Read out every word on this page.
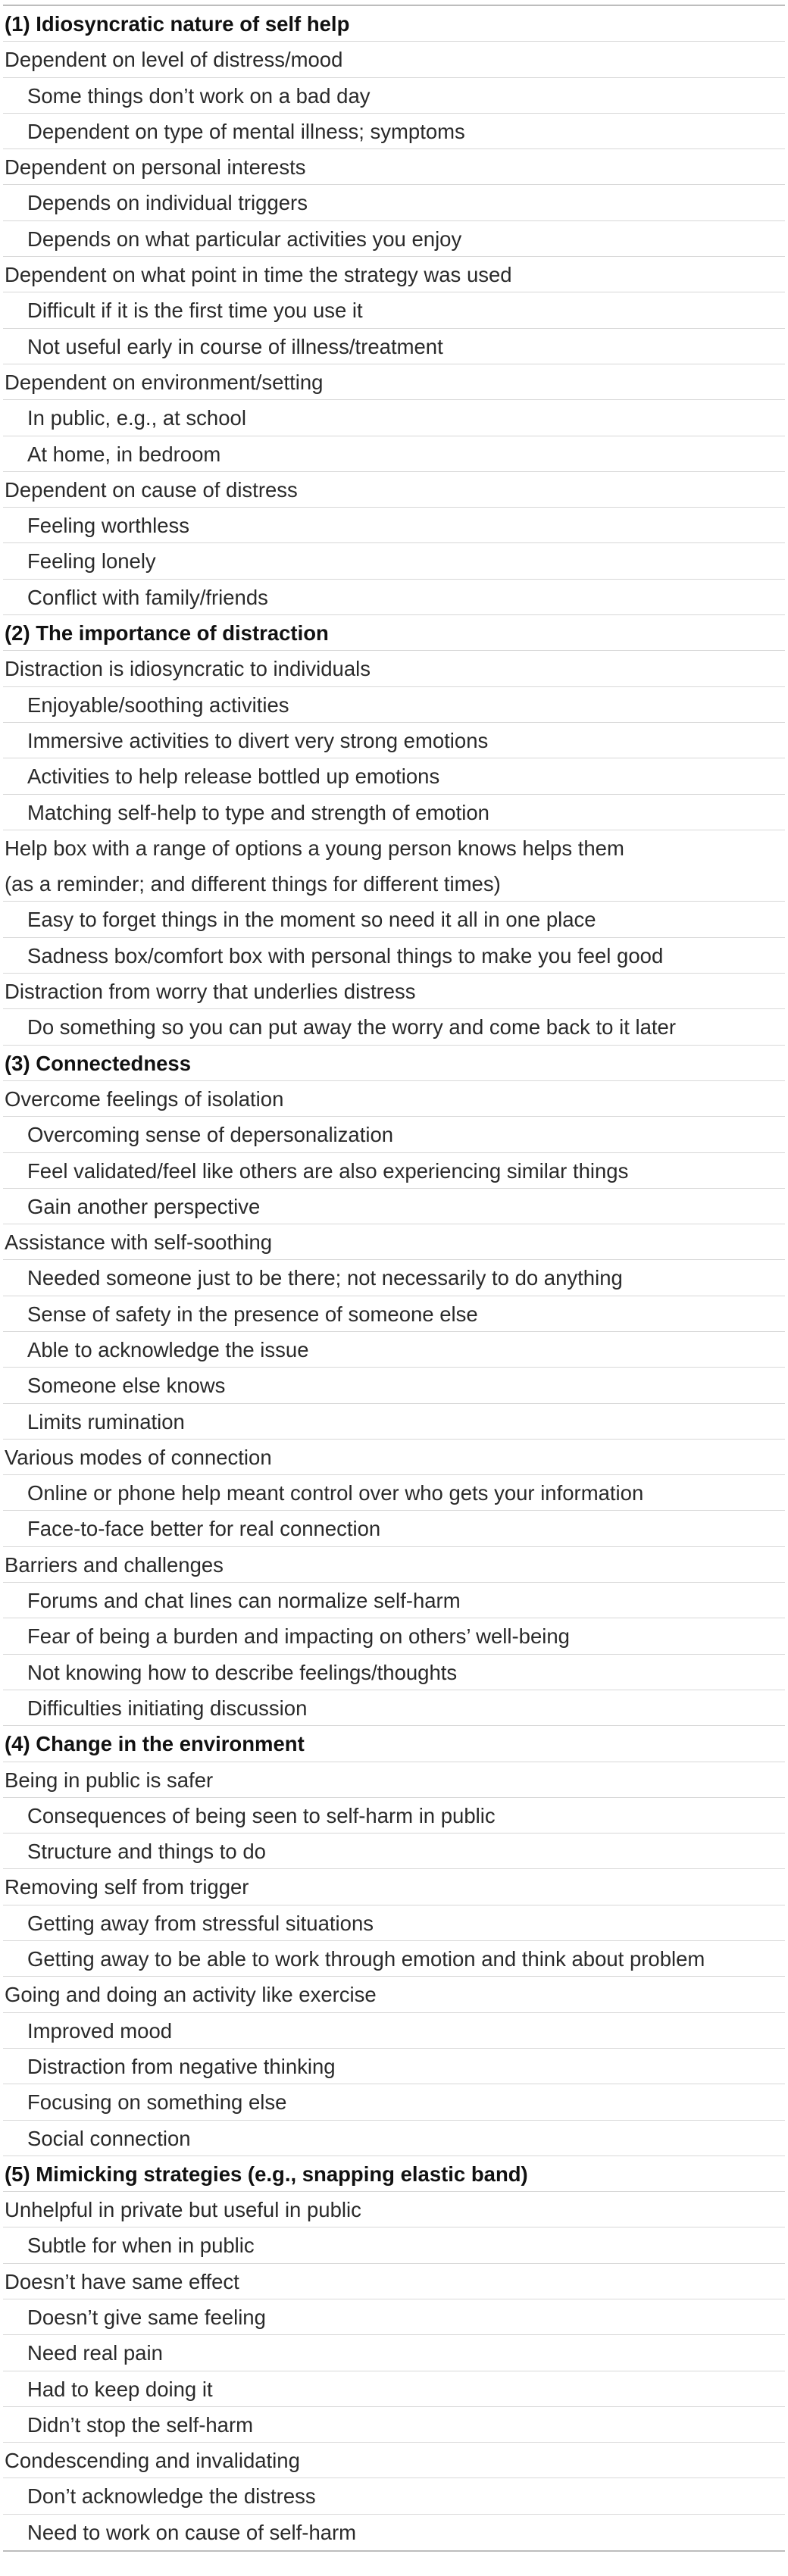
(1) Idiosyncratic nature of self help
Dependent on level of distress/mood
Some things don’t work on a bad day
Dependent on type of mental illness; symptoms
Dependent on personal interests
Depends on individual triggers
Depends on what particular activities you enjoy
Dependent on what point in time the strategy was used
Difficult if it is the first time you use it
Not useful early in course of illness/treatment
Dependent on environment/setting
In public, e.g., at school
At home, in bedroom
Dependent on cause of distress
Feeling worthless
Feeling lonely
Conflict with family/friends
(2) The importance of distraction
Distraction is idiosyncratic to individuals
Enjoyable/soothing activities
Immersive activities to divert very strong emotions
Activities to help release bottled up emotions
Matching self-help to type and strength of emotion
Help box with a range of options a young person knows helps them
(as a reminder; and different things for different times)
Easy to forget things in the moment so need it all in one place
Sadness box/comfort box with personal things to make you feel good
Distraction from worry that underlies distress
Do something so you can put away the worry and come back to it later
(3) Connectedness
Overcome feelings of isolation
Overcoming sense of depersonalization
Feel validated/feel like others are also experiencing similar things
Gain another perspective
Assistance with self-soothing
Needed someone just to be there; not necessarily to do anything
Sense of safety in the presence of someone else
Able to acknowledge the issue
Someone else knows
Limits rumination
Various modes of connection
Online or phone help meant control over who gets your information
Face-to-face better for real connection
Barriers and challenges
Forums and chat lines can normalize self-harm
Fear of being a burden and impacting on others’ well-being
Not knowing how to describe feelings/thoughts
Difficulties initiating discussion
(4) Change in the environment
Being in public is safer
Consequences of being seen to self-harm in public
Structure and things to do
Removing self from trigger
Getting away from stressful situations
Getting away to be able to work through emotion and think about problem
Going and doing an activity like exercise
Improved mood
Distraction from negative thinking
Focusing on something else
Social connection
(5) Mimicking strategies (e.g., snapping elastic band)
Unhelpful in private but useful in public
Subtle for when in public
Doesn’t have same effect
Doesn’t give same feeling
Need real pain
Had to keep doing it
Didn’t stop the self-harm
Condescending and invalidating
Don’t acknowledge the distress
Need to work on cause of self-harm
